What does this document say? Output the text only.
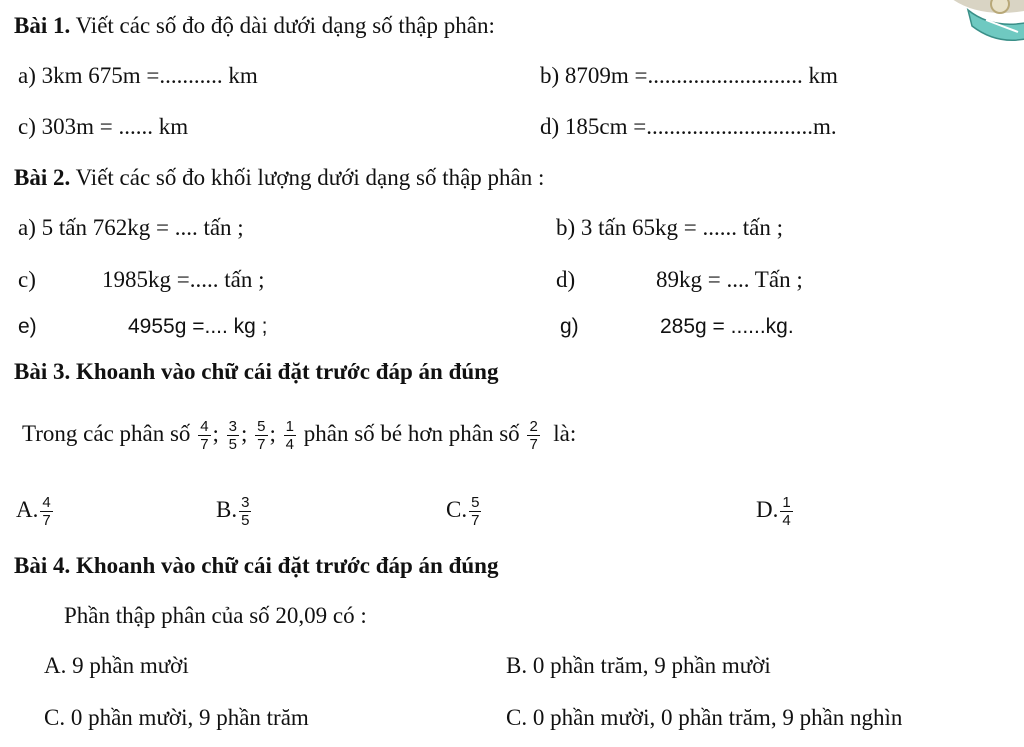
Bài 1. Viết các số đo độ dài dưới dạng số thập phân:
a) 3km 675m =........... km	b) 8709m =........................... km
c) 303m = ...... km	d) 185cm =.............................m.
Bài 2. Viết các số đo khối lượng dưới dạng số thập phân :
a) 5 tấn 762kg = .... tấn ;	b) 3 tấn 65kg = ...... tấn ;
c)	1985kg =..... tấn ;	d)	89kg = .... Tấn ;
e)	4955g =.... kg ;	g)	285g = ......kg.
Bài 3. Khoanh vào chữ cái đặt trước đáp án đúng
Trong các phân số $\frac{4}{7}$ ; $\frac{3}{5}$ ; $\frac{5}{7}$ ; $\frac{1}{4}$ phân số bé hơn phân số $\frac{2}{7}$ là:
A. $\frac{4}{7}$	B. $\frac{3}{5}$	C. $\frac{5}{7}$	D. $\frac{1}{4}$
Bài 4. Khoanh vào chữ cái đặt trước đáp án đúng
Phần thập phân của số 20,09 có :
A. 9 phần mười	B. 0 phần trăm, 9 phần mười
C. 0 phần mười, 9 phần trăm	C. 0 phần mười, 0 phần trăm, 9 phần nghìn
